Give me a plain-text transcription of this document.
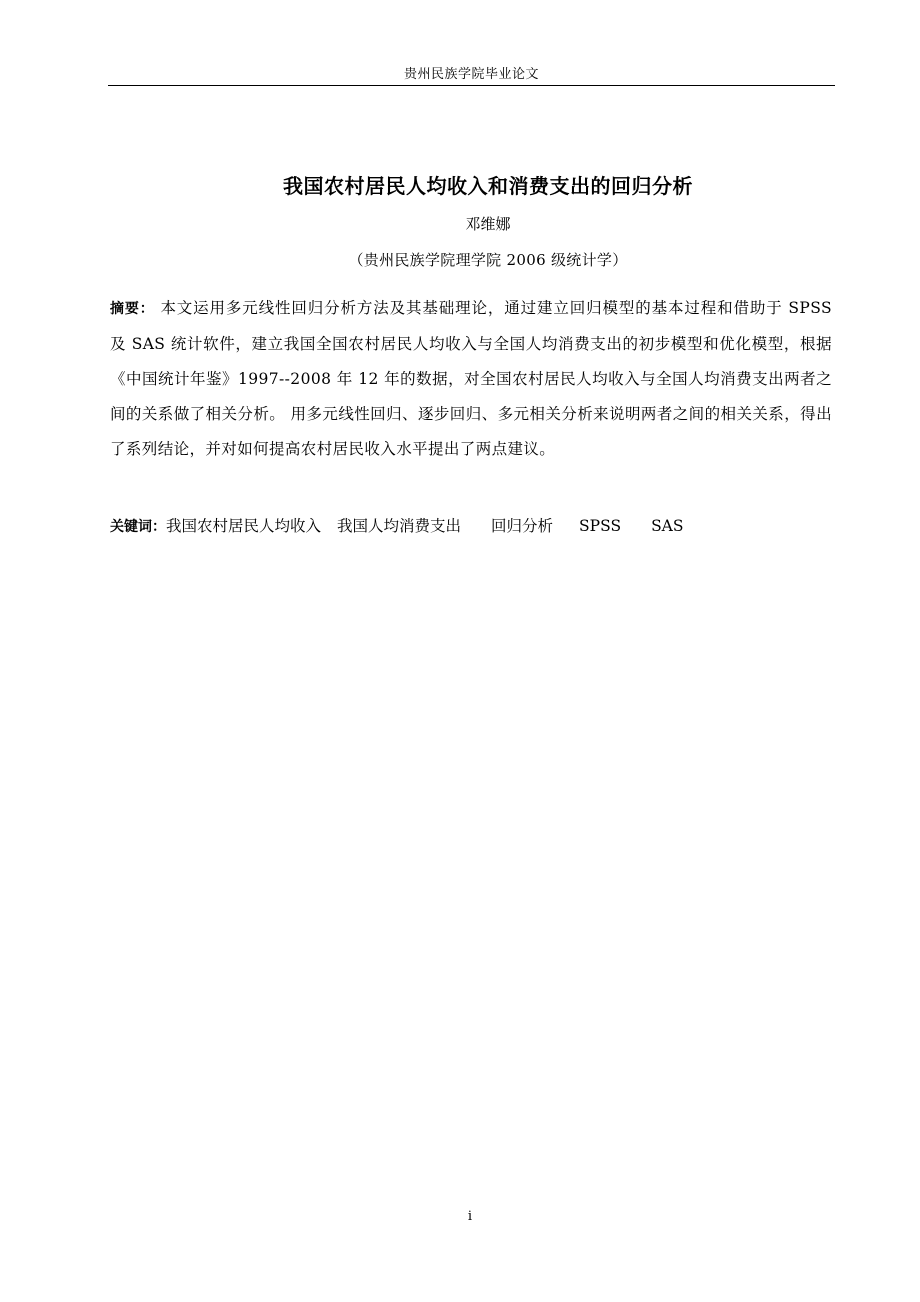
贵州民族学院毕业论文
我国农村居民人均收入和消费支出的回归分析
邓维娜
（贵州民族学院理学院 2006 级统计学）
摘要： 本文运用多元线性回归分析方法及其基础理论，通过建立回归模型的基本过程和借助于 SPSS 及 SAS 统计软件，建立我国全国农村居民人均收入与全国人均消费支出的初步模型和优化模型，根据《中国统计年鉴》1997--2008 年 12 年的数据，对全国农村居民人均收入与全国人均消费支出两者之间的关系做了相关分析。 用多元线性回归、逐步回归、多元相关分析来说明两者之间的相关关系，得出了系列结论，并对如何提高农村居民收入水平提出了两点建议。
关键词：我国农村居民人均收入 我国人均消费支出 回归分析 SPSS SAS
i
